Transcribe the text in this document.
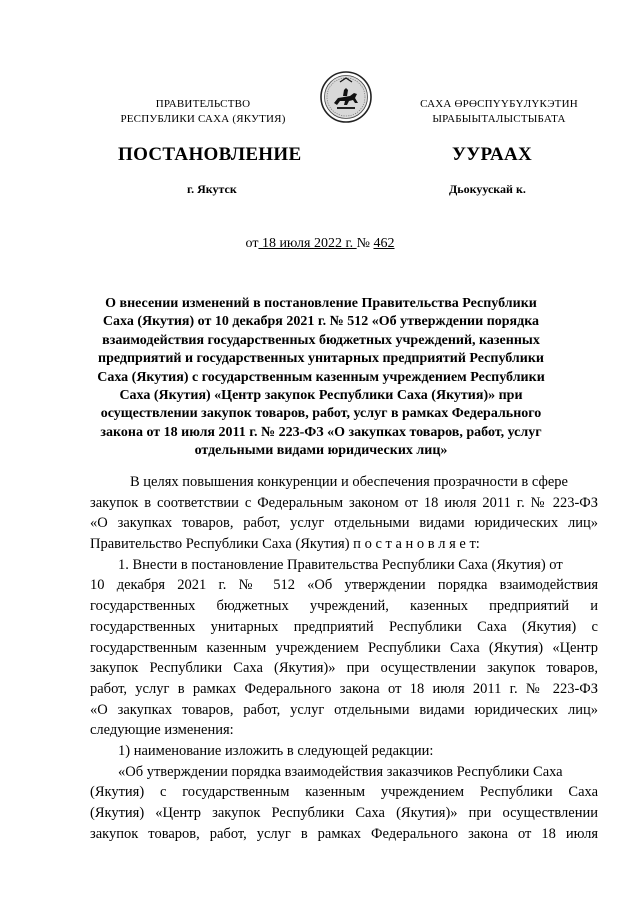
ПРАВИТЕЛЬСТВО
РЕСПУБЛИКИ САХА (ЯКУТИЯ)
САХА ӨРӨСПҮҮБҮЛҮКЭТИН
ЫРАБЫЫТАЛЫСТЫБАТА
ПОСТАНОВЛЕНИЕ	УУРААХ
г. Якутск	Дьокуускай к.
от 18 июля 2022 г. № 462
О внесении изменений в постановление Правительства Республики
Саха (Якутия) от 10 декабря 2021 г. № 512 «Об утверждении порядка
взаимодействия государственных бюджетных учреждений, казенных
предприятий и государственных унитарных предприятий Республики
Саха (Якутия) с государственным казенным учреждением Республики
Саха (Якутия) «Центр закупок Республики Саха (Якутия)» при
осуществлении закупок товаров, работ, услуг в рамках Федерального
закона от 18 июля 2011 г. № 223-ФЗ «О закупках товаров, работ, услуг
отдельными видами юридических лиц»
В целях повышения конкуренции и обеспечения прозрачности в сфере
закупок в соответствии с Федеральным законом от 18 июля 2011 г. № 223-ФЗ
«О закупках товаров, работ, услуг отдельными видами юридических лиц»
Правительство Республики Саха (Якутия) п о с т а н о в л я е т:
1. Внести в постановление Правительства Республики Саха (Якутия) от
10 декабря 2021 г. № 512 «Об утверждении порядка взаимодействия
государственных бюджетных учреждений, казенных предприятий и
государственных унитарных предприятий Республики Саха (Якутия) с
государственным казенным учреждением Республики Саха (Якутия) «Центр
закупок Республики Саха (Якутия)» при осуществлении закупок товаров,
работ, услуг в рамках Федерального закона от 18 июля 2011 г. № 223-ФЗ
«О закупках товаров, работ, услуг отдельными видами юридических лиц»
следующие изменения:
1) наименование изложить в следующей редакции:
«Об утверждении порядка взаимодействия заказчиков Республики Саха
(Якутия) с государственным казенным учреждением Республики Саха
(Якутия) «Центр закупок Республики Саха (Якутия)» при осуществлении
закупок товаров, работ, услуг в рамках Федерального закона от 18 июля
